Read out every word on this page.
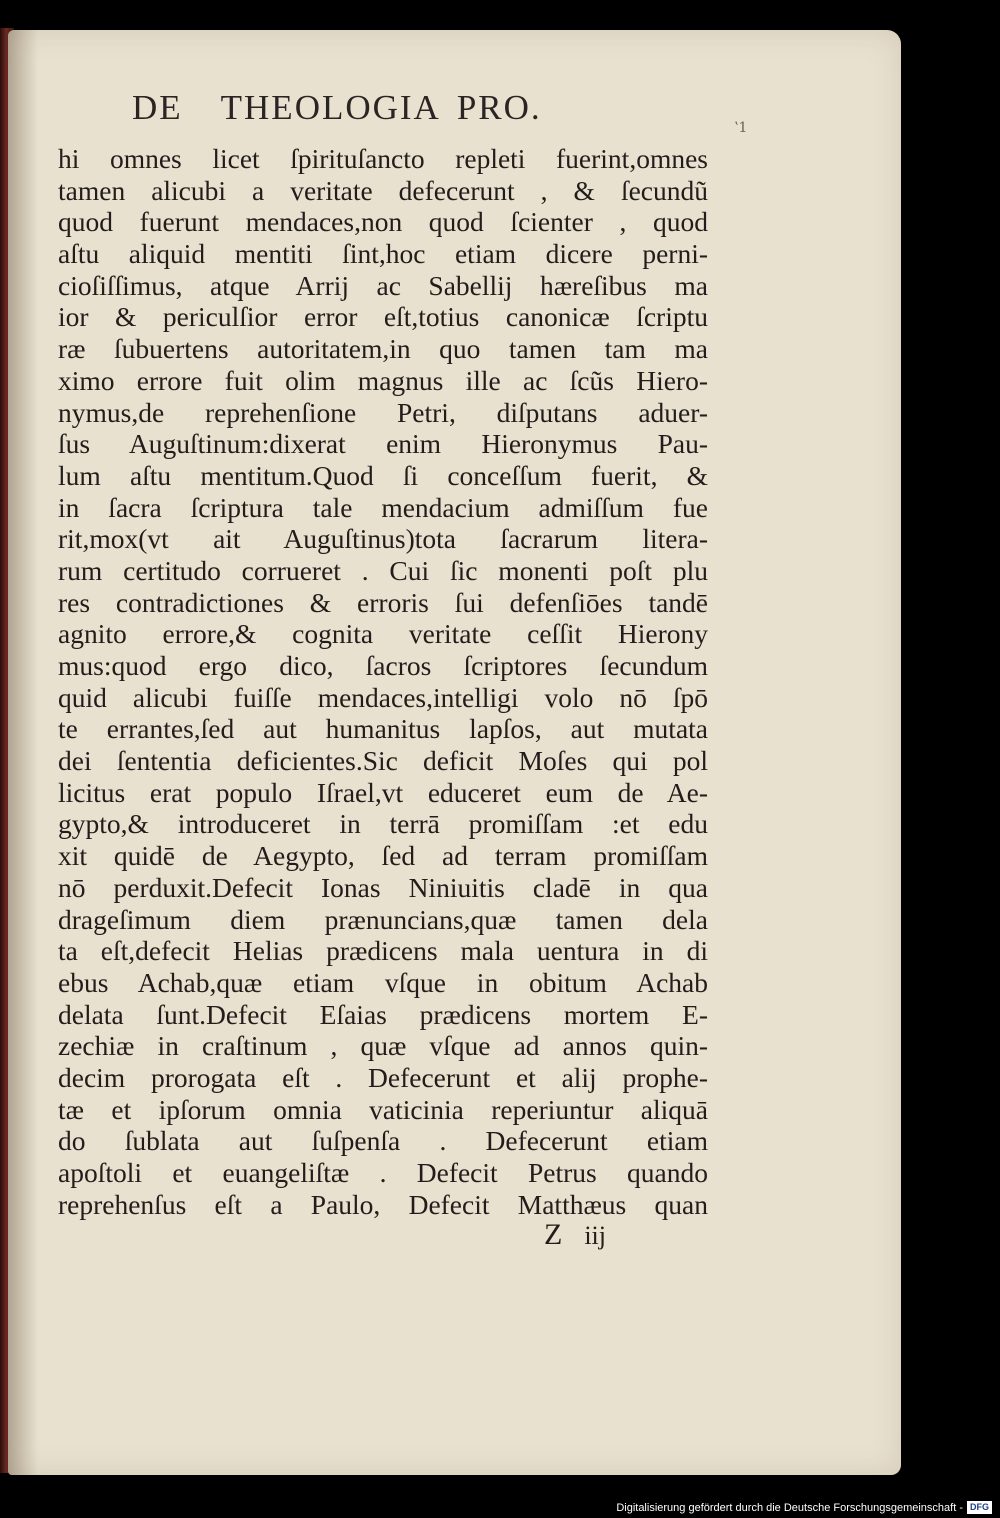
DE THEOLOGIA PRO.
ʽ1
hi omnes licet ſpirituſancto repleti fuerint,omnes
tamen alicubi a veritate defecerunt , & ſecundũ
quod fuerunt mendaces,non quod ſcienter , quod
aſtu aliquid mentiti ſint,hoc etiam dicere perni-
cioſiſſimus, atque Arrij ac Sabellij hæreſibus ma
ior & periculſior error eſt,totius canonicæ ſcriptu
ræ ſubuertens autoritatem,in quo tamen tam ma
ximo errore fuit olim magnus ille ac ſcũs Hiero-
nymus,de reprehenſione Petri, diſputans aduer-
ſus Auguſtinum:dixerat enim Hieronymus Pau-
lum aſtu mentitum.Quod ſi conceſſum fuerit, &
in ſacra ſcriptura tale mendacium admiſſum fue
rit,mox(vt ait Auguſtinus)tota ſacrarum litera-
rum certitudo corrueret . Cui ſic monenti poſt plu
res contradictiones & erroris ſui defenſiōes tandē
agnito errore,& cognita veritate ceſſit Hierony
mus:quod ergo dico, ſacros ſcriptores ſecundum
quid alicubi fuiſſe mendaces,intelligi volo nō ſpō
te errantes,ſed aut humanitus lapſos, aut mutata
dei ſententia deficientes.Sic deficit Moſes qui pol
licitus erat populo Iſrael,vt educeret eum de Ae-
gypto,& introduceret in terrā promiſſam :et edu
xit quidē de Aegypto, ſed ad terram promiſſam
nō perduxit.Defecit Ionas Niniuitis cladē in qua
drageſimum diem prænuncians,quæ tamen dela
ta eſt,defecit Helias prædicens mala uentura in di
ebus Achab,quæ etiam vſque in obitum Achab
delata ſunt.Defecit Eſaias prædicens mortem E-
zechiæ in craſtinum , quæ vſque ad annos quin-
decim prorogata eſt . Defecerunt et alij prophe-
tæ et ipſorum omnia vaticinia reperiuntur aliquā
do ſublata aut ſuſpenſa . Defecerunt etiam
apoſtoli et euangeliſtæ . Defecit Petrus quando
reprehenſus eſt a Paulo, Defecit Matthæus quan
Z iij
Digitalisierung gefördert durch die Deutsche Forschungsgemeinschaft - DFG
